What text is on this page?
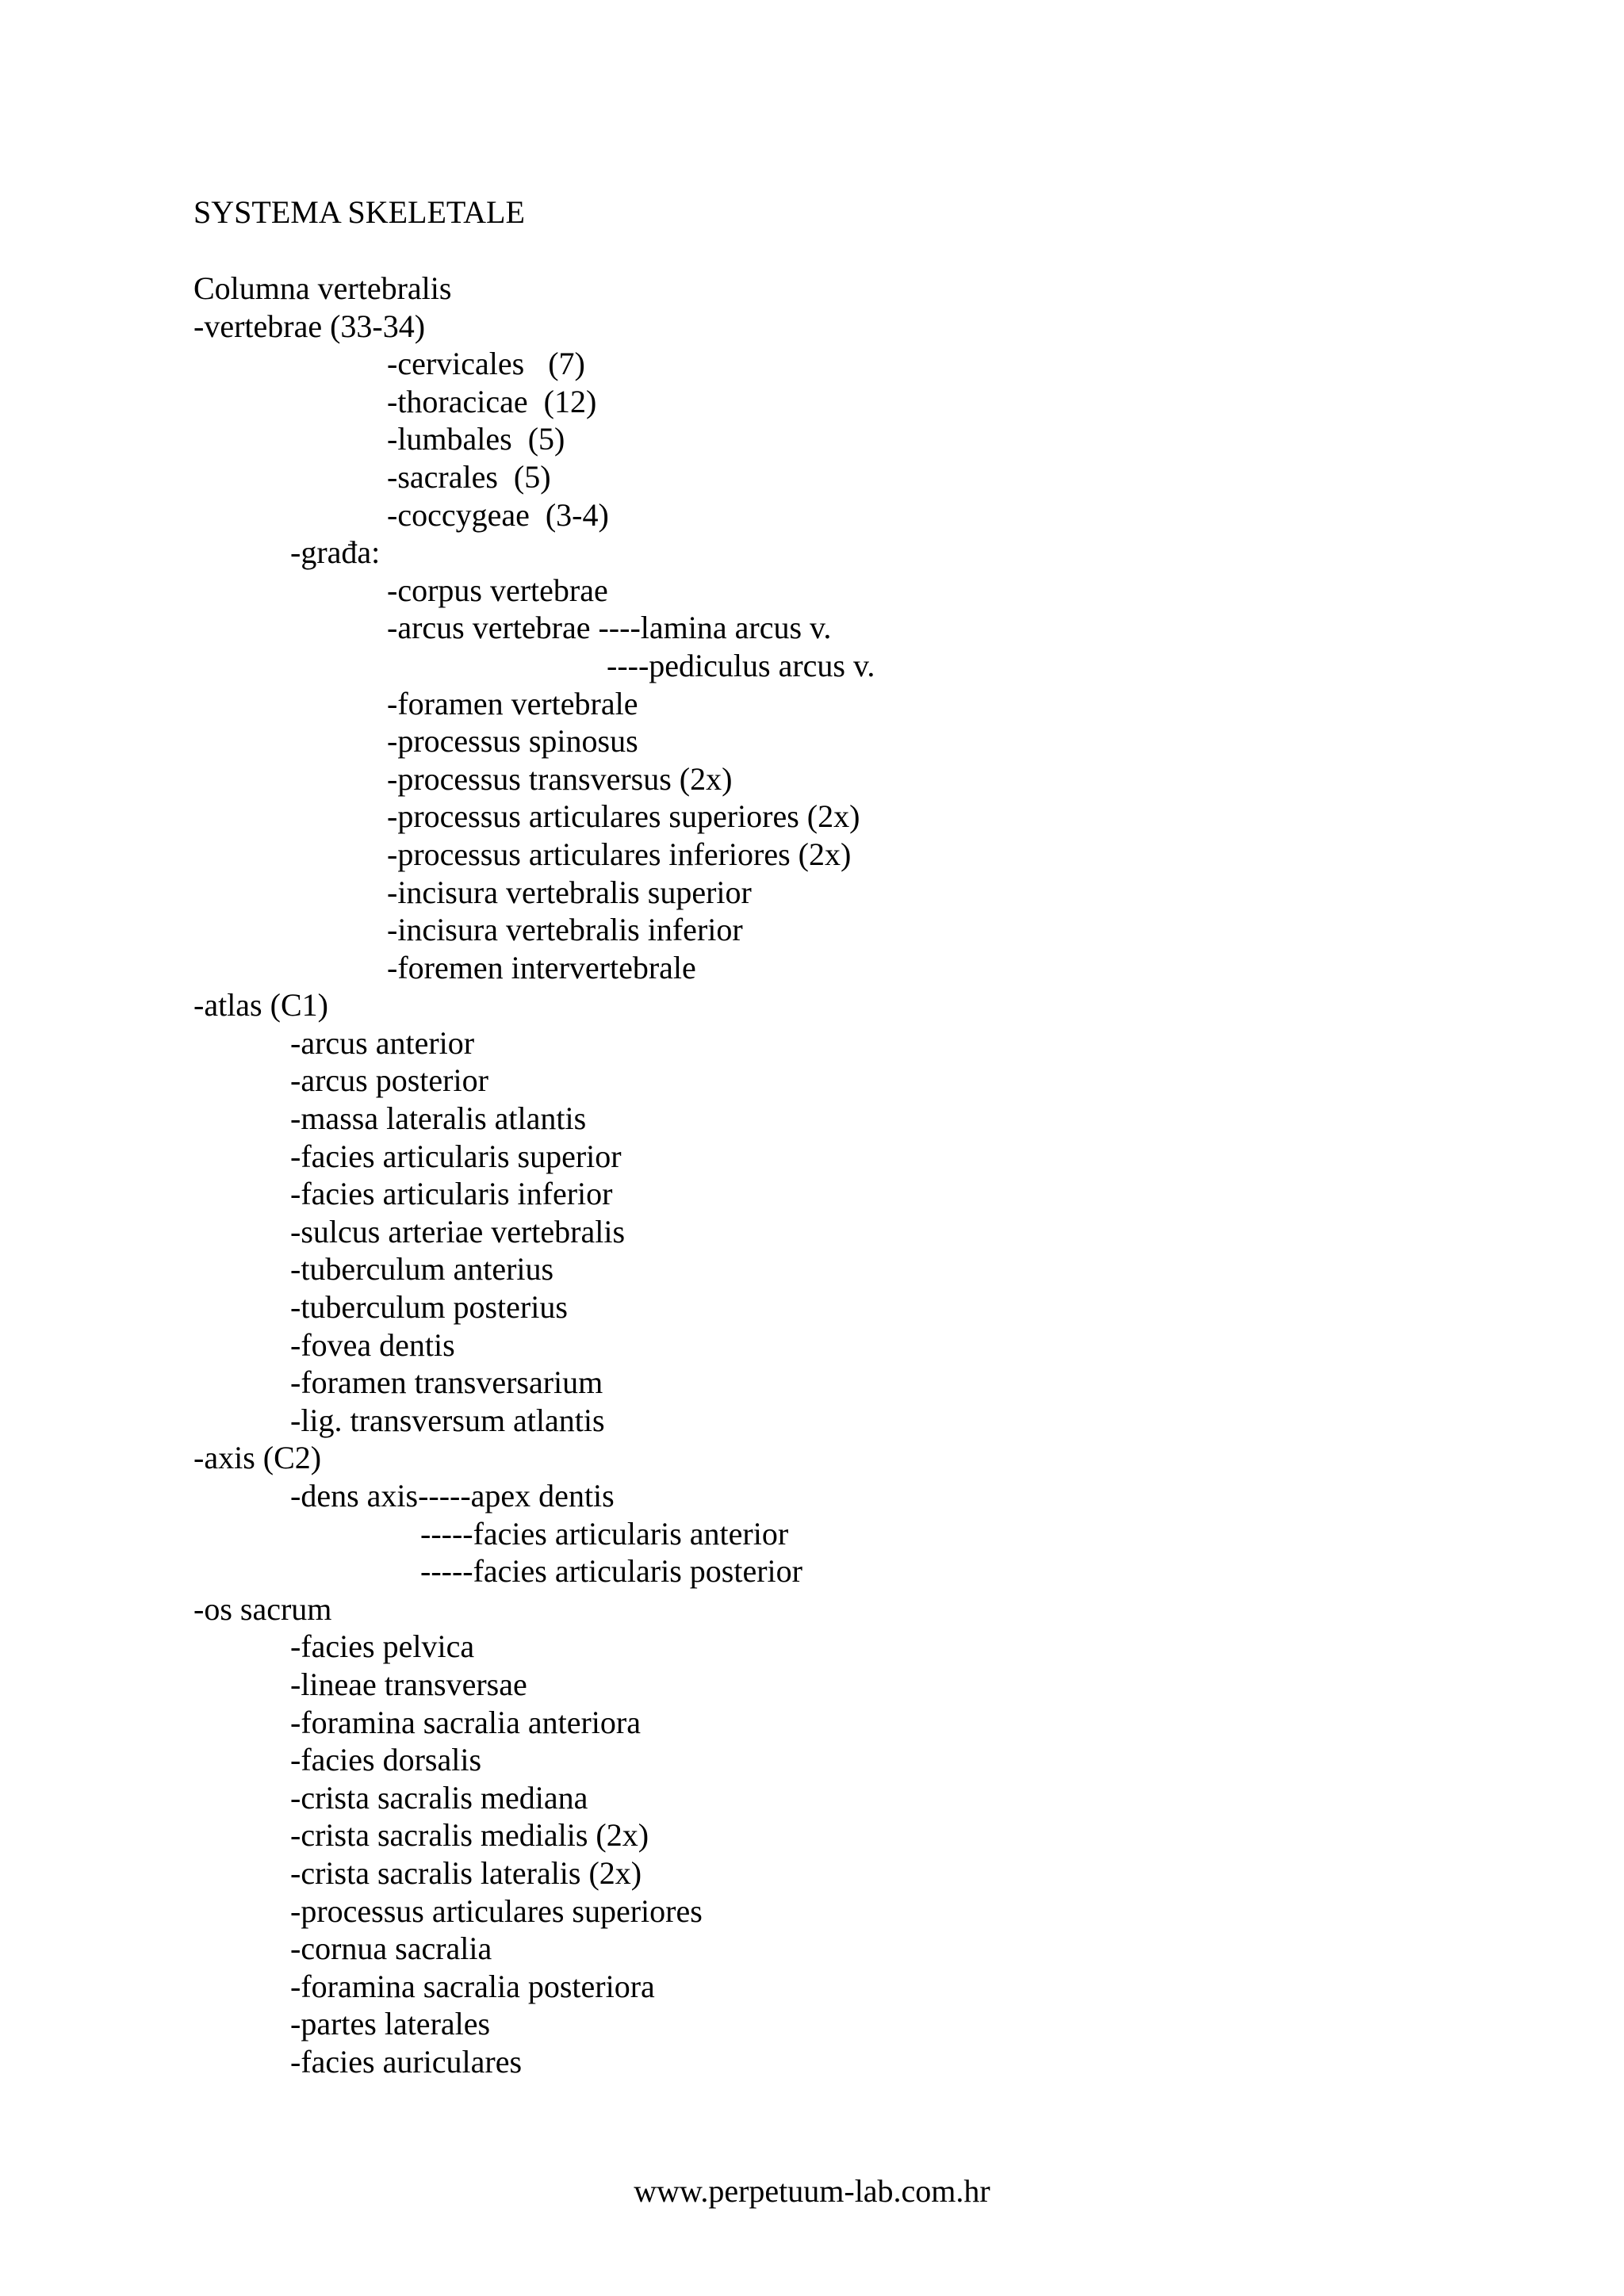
SYSTEMA SKELETALE
Columna vertebralis
-vertebrae (33-34)
-cervicales   (7)
-thoracicae  (12)
-lumbales  (5)
-sacrales  (5)
-coccygeae  (3-4)
-građa:
-corpus vertebrae
-arcus vertebrae ----lamina arcus v.
----pediculus arcus v.
-foramen vertebrale
-processus spinosus
-processus transversus (2x)
-processus articulares superiores (2x)
-processus articulares inferiores (2x)
-incisura vertebralis superior
-incisura vertebralis inferior
-foremen intervertebrale
-atlas (C1)
-arcus anterior
-arcus posterior
-massa lateralis atlantis
-facies articularis superior
-facies articularis inferior
-sulcus arteriae vertebralis
-tuberculum anterius
-tuberculum posterius
-fovea dentis
-foramen transversarium
-lig. transversum atlantis
-axis (C2)
-dens axis-----apex dentis
-----facies articularis anterior
-----facies articularis posterior
-os sacrum
-facies pelvica
-lineae transversae
-foramina sacralia anteriora
-facies dorsalis
-crista sacralis mediana
-crista sacralis medialis (2x)
-crista sacralis lateralis (2x)
-processus articulares superiores
-cornua sacralia
-foramina sacralia posteriora
-partes laterales
-facies auriculares
www.perpetuum-lab.com.hr
